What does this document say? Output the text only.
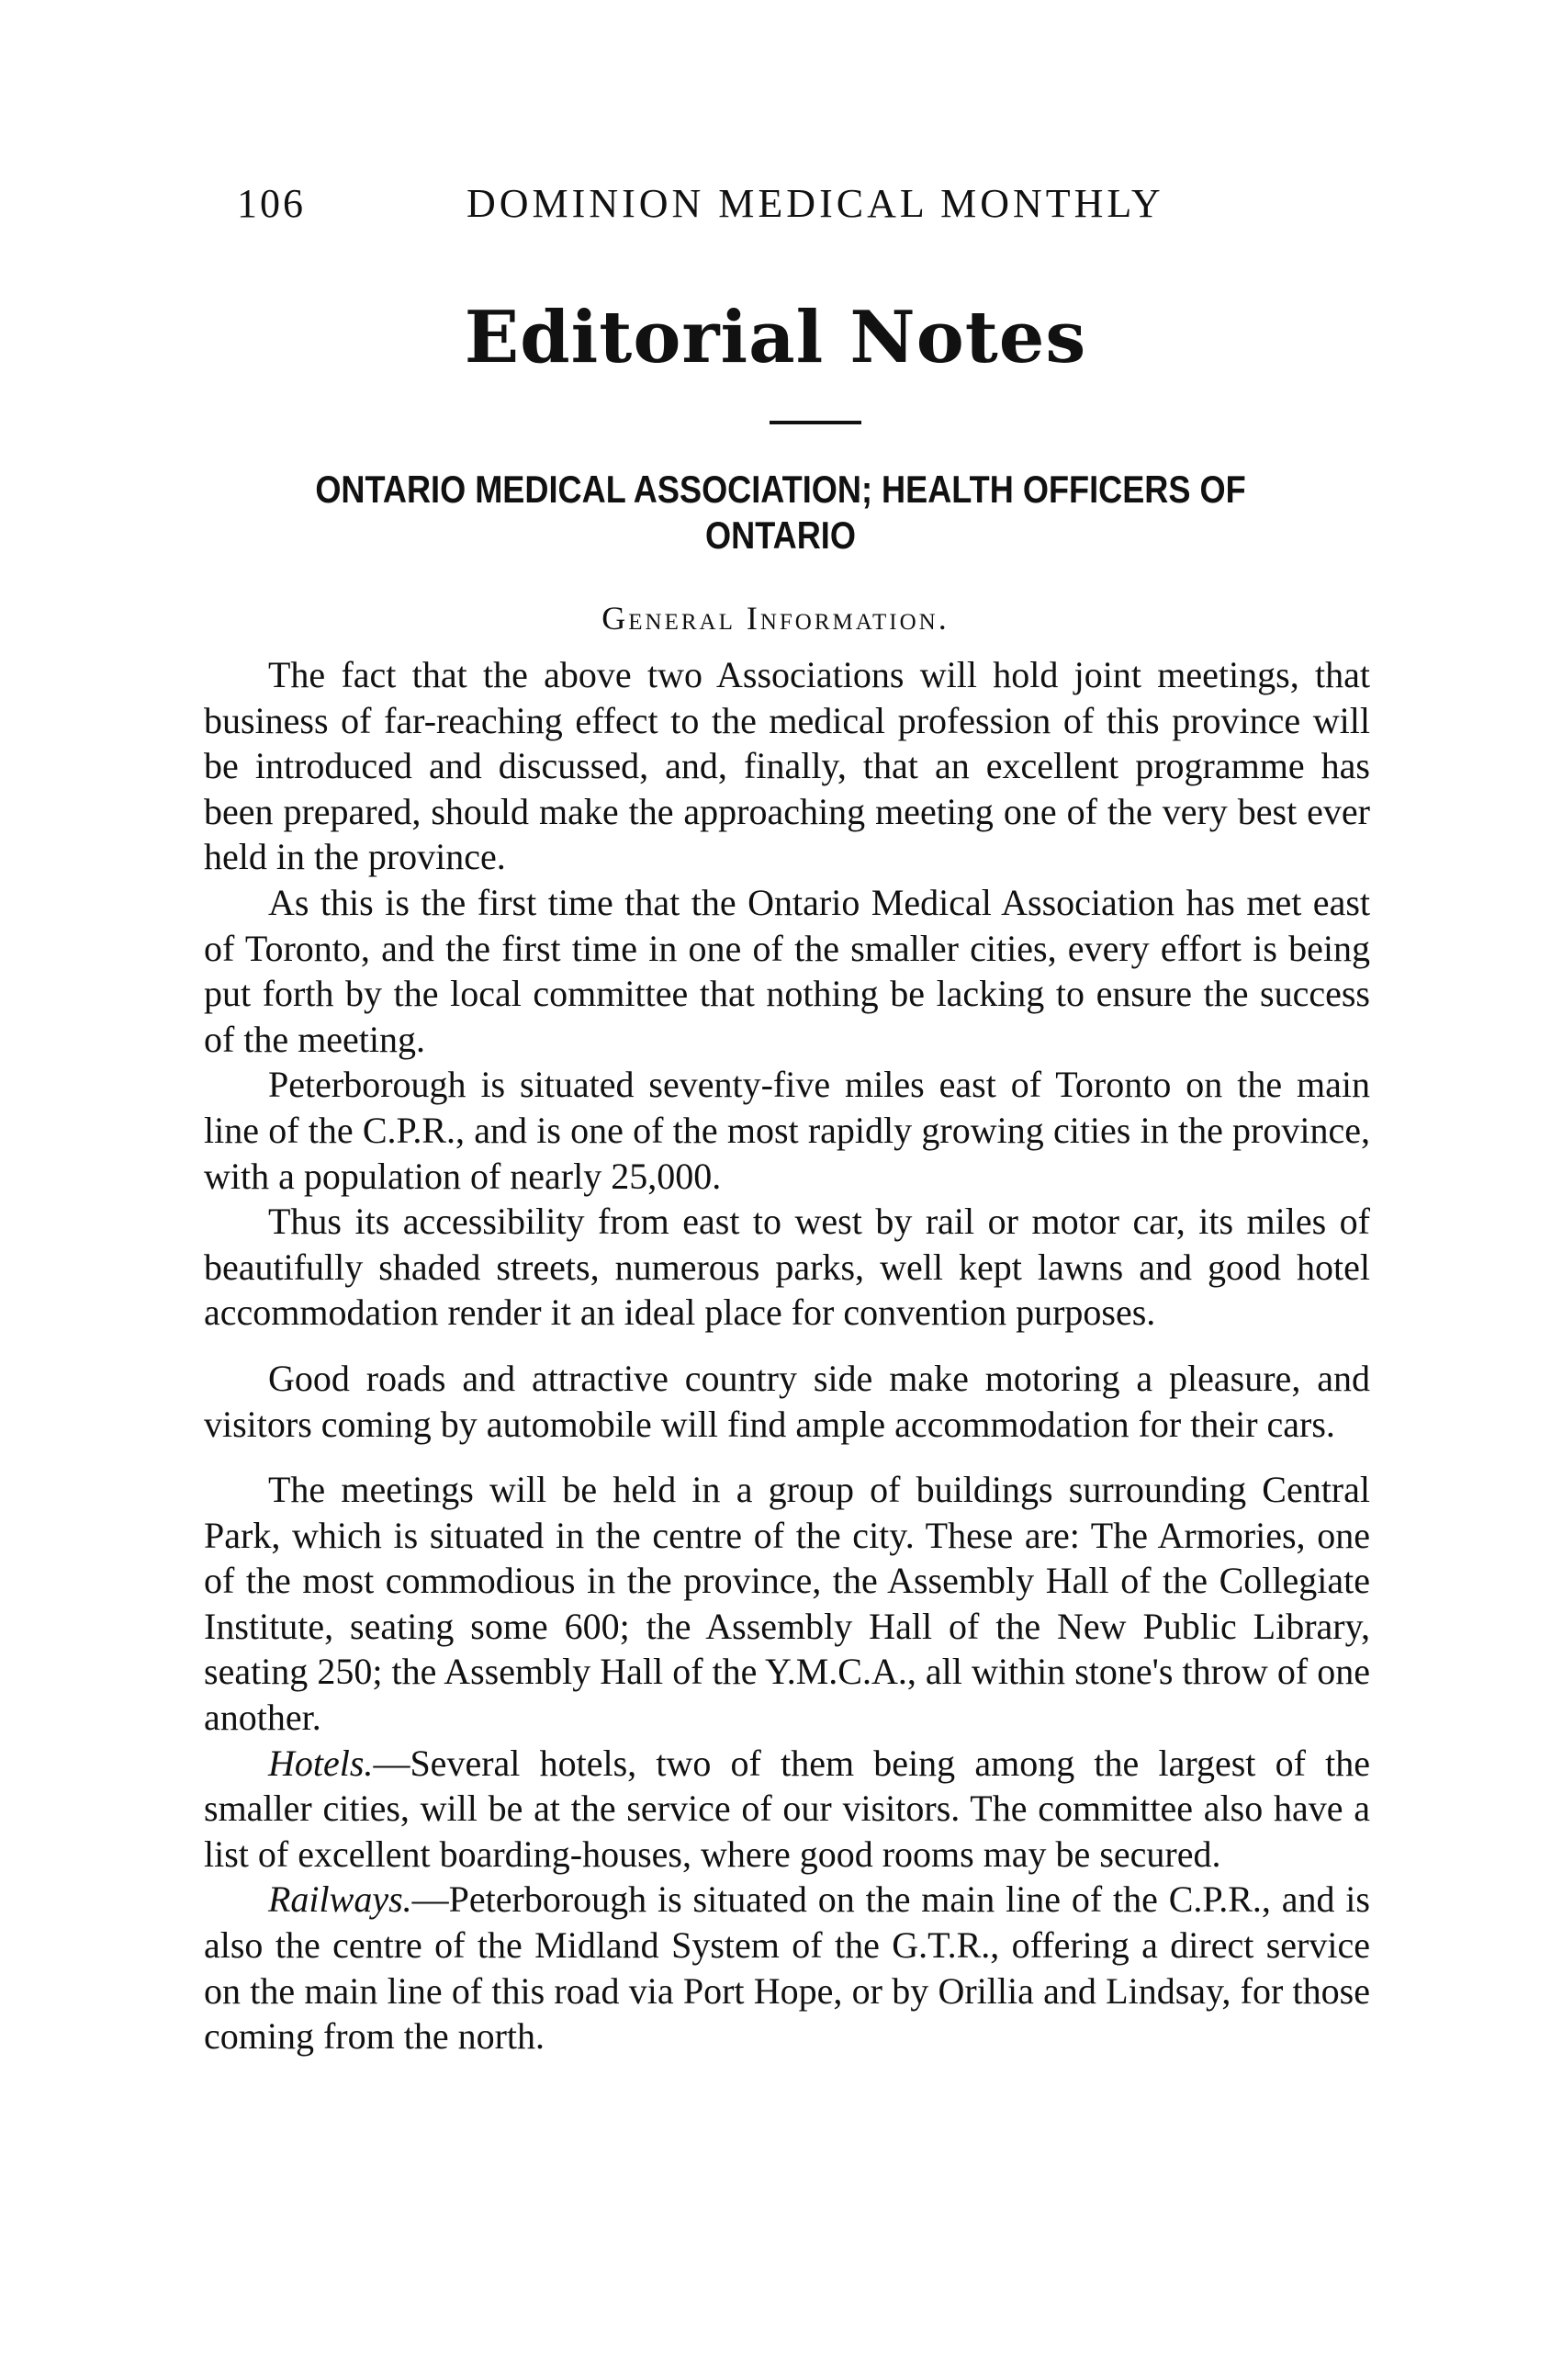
106	DOMINION MEDICAL MONTHLY
Editorial Notes
ONTARIO MEDICAL ASSOCIATION; HEALTH OFFICERS OF ONTARIO
General Information.

The fact that the above two Associations will hold joint meetings, that business of far-reaching effect to the medical profession of this province will be introduced and discussed, and, finally, that an excellent programme has been prepared, should make the approaching meeting one of the very best ever held in the province.

As this is the first time that the Ontario Medical Association has met east of Toronto, and the first time in one of the smaller cities, every effort is being put forth by the local committee that nothing be lacking to ensure the success of the meeting.

Peterborough is situated seventy-five miles east of Toronto on the main line of the C.P.R., and is one of the most rapidly growing cities in the province, with a population of nearly 25,000.

Thus its accessibility from east to west by rail or motor car, its miles of beautifully shaded streets, numerous parks, well kept lawns and good hotel accommodation render it an ideal place for convention purposes.

Good roads and attractive country side make motoring a pleasure, and visitors coming by automobile will find ample accommodation for their cars.

The meetings will be held in a group of buildings surrounding Central Park, which is situated in the centre of the city. These are: The Armories, one of the most commodious in the province, the Assembly Hall of the Collegiate Institute, seating some 600; the Assembly Hall of the New Public Library, seating 250; the Assembly Hall of the Y.M.C.A., all within stone's throw of one another.

Hotels.—Several hotels, two of them being among the largest of the smaller cities, will be at the service of our visitors. The committee also have a list of excellent boarding-houses, where good rooms may be secured.

Railways.—Peterborough is situated on the main line of the C.P.R., and is also the centre of the Midland System of the G.T.R., offering a direct service on the main line of this road via Port Hope, or by Orillia and Lindsay, for those coming from the north.
